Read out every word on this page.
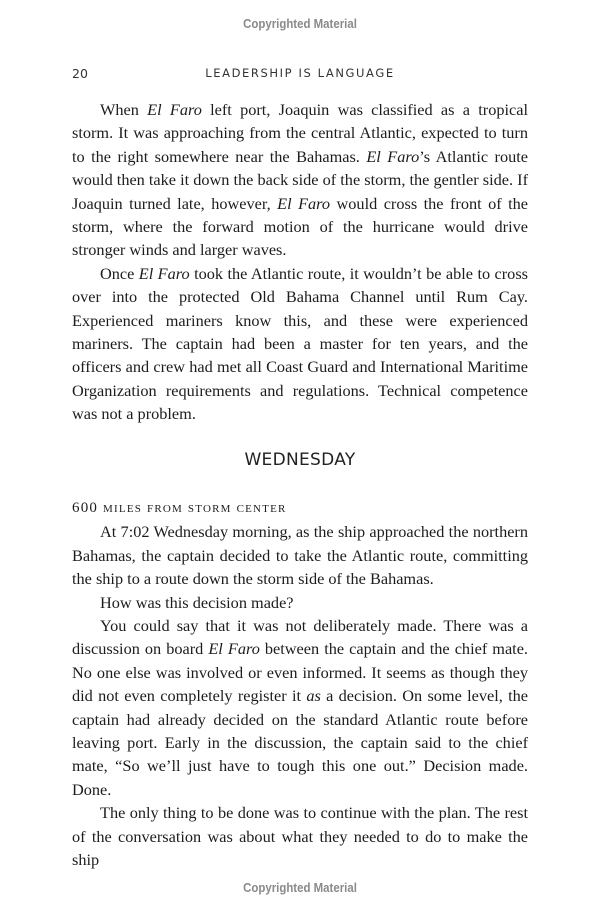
Copyrighted Material
20	LEADERSHIP IS LANGUAGE

When El Faro left port, Joaquin was classified as a tropical storm. It was approaching from the central Atlantic, expected to turn to the right somewhere near the Bahamas. El Faro’s Atlantic route would then take it down the back side of the storm, the gentler side. If Joaquin turned late, however, El Faro would cross the front of the storm, where the forward motion of the hurricane would drive stronger winds and larger waves.

Once El Faro took the Atlantic route, it wouldn’t be able to cross over into the protected Old Bahama Channel until Rum Cay. Experienced mariners know this, and these were experienced mariners. The captain had been a master for ten years, and the officers and crew had met all Coast Guard and International Maritime Organization requirements and regulations. Technical competence was not a problem.

WEDNESDAY

600 miles from storm center

At 7:02 Wednesday morning, as the ship approached the northern Bahamas, the captain decided to take the Atlantic route, committing the ship to a route down the storm side of the Bahamas.

How was this decision made?

You could say that it was not deliberately made. There was a discussion on board El Faro between the captain and the chief mate. No one else was involved or even informed. It seems as though they did not even completely register it as a decision. On some level, the captain had already decided on the standard Atlantic route before leaving port. Early in the discussion, the captain said to the chief mate, “So we’ll just have to tough this one out.” Decision made. Done.

The only thing to be done was to continue with the plan. The rest of the conversation was about what they needed to do to make the ship

Copyrighted Material
